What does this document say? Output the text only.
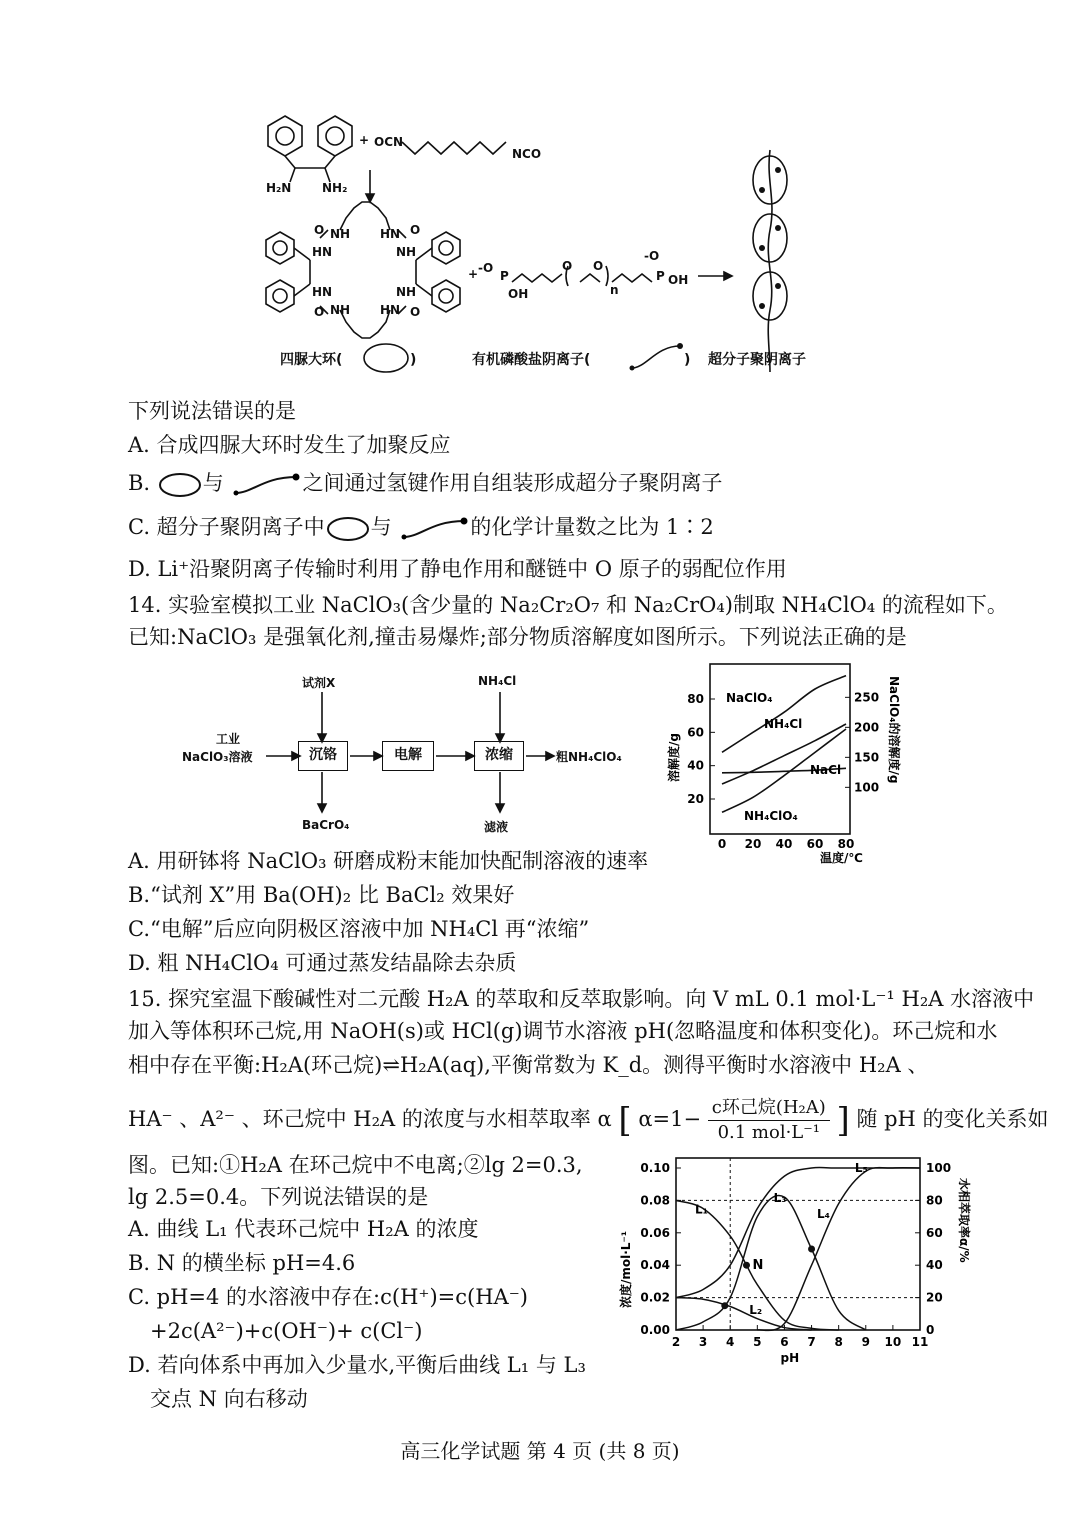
+ OCN
NCO
H₂N	NH₂
NH HN
NH HN
HN	NH
HN	NH
O	O
O	O
+ -O
P
OH
O O
n
-O
P OH
四脲大环(	)	有机磷酸盐阴离子(	) 超分子聚阴离子
下列说法错误的是
A. 合成四脲大环时发生了加聚反应
B.	与	之间通过氢键作用自组装形成超分子聚阴离子
C. 超分子聚阴离子中 与	的化学计量数之比为 1∶2
D. Li⁺沿聚阴离子传输时利用了静电作用和醚链中 O 原子的弱配位作用
14. 实验室模拟工业 NaClO₃(含少量的 Na₂Cr₂O₇ 和 Na₂CrO₄)制取 NH₄ClO₄ 的流程如下。
已知:NaClO₃ 是强氧化剂,撞击易爆炸;部分物质溶解度如图所示。下列说法正确的是
工业
NaClO₃溶液
试剂X	NH₄Cl
沉铬	电解	浓缩	粗NH₄ClO₄
BaCrO₄	滤液
20
40
60
80
100
150
200
250
0 20 40 60 80
温度/℃
溶解度/g	NaClO₄的溶解度/g
NaClO₄
NH₄Cl
NaCl
NH₄ClO₄
A. 用研钵将 NaClO₃ 研磨成粉末能加快配制溶液的速率
B.“试剂 X”用 Ba(OH)₂ 比 BaCl₂ 效果好
C.“电解”后应向阴极区溶液中加 NH₄Cl 再“浓缩”
D. 粗 NH₄ClO₄ 可通过蒸发结晶除去杂质
15. 探究室温下酸碱性对二元酸 H₂A 的萃取和反萃取影响。向 V mL 0.1 mol·L⁻¹ H₂A 水溶液中
加入等体积环己烷,用 NaOH(s)或 HCl(g)调节水溶液 pH(忽略温度和体积变化)。环己烷和水
相中存在平衡:H₂A(环己烷)⇌H₂A(aq),平衡常数为 K_d。测得平衡时水溶液中 H₂A 、
HA⁻ 、A²⁻ 、环己烷中 H₂A 的浓度与水相萃取率 α [ α=1− c环己烷(H₂A)
0.1 mol·L⁻¹ ] 随 pH 的变化关系如
图。已知:①H₂A 在环己烷中不电离;②lg 2=0.3,
lg 2.5=0.4。下列说法错误的是
A. 曲线 L₁ 代表环己烷中 H₂A 的浓度
B. N 的横坐标 pH=4.6
C. pH=4 的水溶液中存在:c(H⁺)=c(HA⁻)
+2c(A²⁻)+c(OH⁻)+ c(Cl⁻)
D. 若向体系中再加入少量水,平衡后曲线 L₁ 与 L₃
交点 N 向右移动
0.00
0.02
0.04
0.06
0.08
0.10
0
20
40
60
80
100
2 3 4 5 6 7 8 9 10 11
pH
浓度/mol·L⁻¹
水相萃取率α/%
L₁
L₂
L₃
L₄
L₅
N
高三化学试题 第 4 页 (共 8 页)
